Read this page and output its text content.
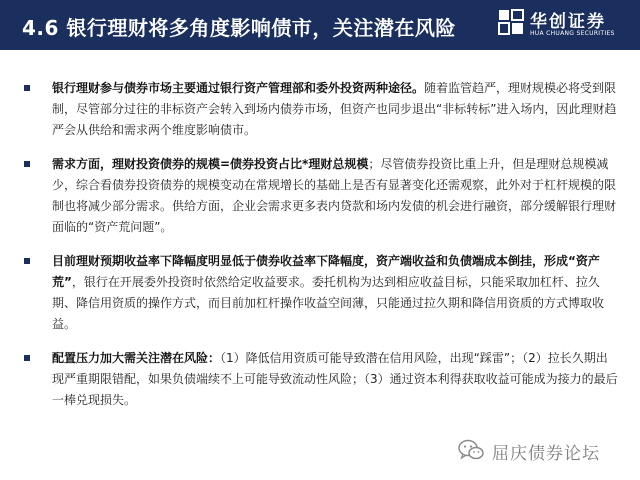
4.6 银行理财将多角度影响债市，关注潜在风险	华创证券
HUA CHUANG SECURITIES
银行理财参与债券市场主要通过银行资产管理部和委外投资两种途径。随着监管趋严，理财规模必将受到限制，尽管部分过往的非标资产会转入到场内债券市场，但资产也同步退出“非标转标”进入场内，因此理财趋严会从供给和需求两个维度影响债市。
需求方面，理财投资债券的规模=债券投资占比*理财总规模；尽管债券投资比重上升，但是理财总规模减少，综合看债券投资债券的规模变动在常规增长的基础上是否有显著变化还需观察，此外对于杠杆规模的限制也将减少部分需求。供给方面，企业会需求更多表内贷款和场内发债的机会进行融资，部分缓解银行理财面临的“资产荒问题”。
目前理财预期收益率下降幅度明显低于债券收益率下降幅度，资产端收益和负债端成本倒挂，形成“资产荒”，银行在开展委外投资时依然给定收益要求。委托机构为达到相应收益目标，只能采取加杠杆、拉久期、降信用资质的操作方式，而目前加杠杆操作收益空间薄，只能通过拉久期和降信用资质的方式博取收益。
配置压力加大需关注潜在风险：（1）降低信用资质可能导致潜在信用风险，出现“踩雷”；（2）拉长久期出现严重期限错配，如果负债端续不上可能导致流动性风险；（3）通过资本利得获取收益可能成为接力的最后一棒兑现损失。
屈庆债券论坛
